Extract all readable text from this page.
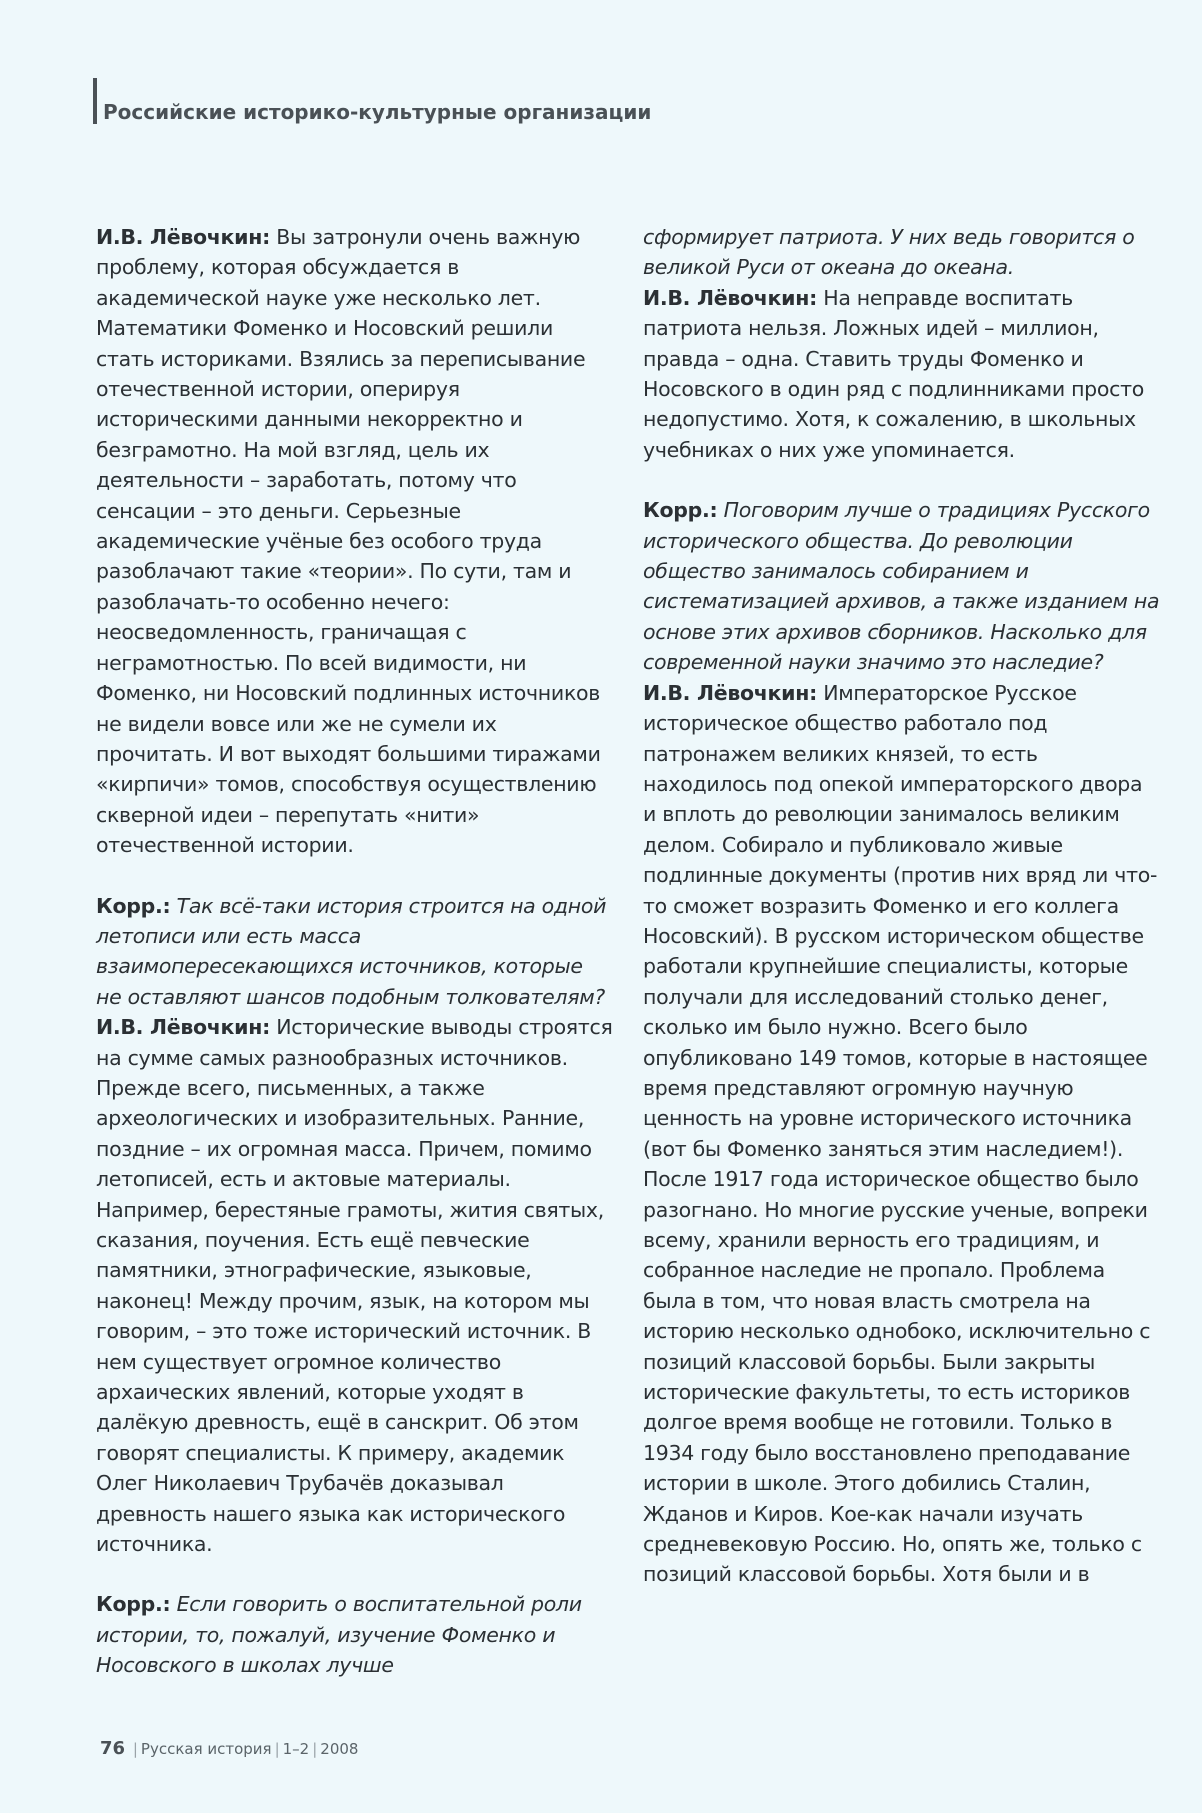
Российские историко-культурные организации

И.В. Лёвочкин: Вы затронули очень важную проблему, которая обсуждается в академической науке уже несколько лет. Математики Фоменко и Носовский решили стать историками. Взялись за переписывание отечественной истории, оперируя историческими данными некорректно и безграмотно. На мой взгляд, цель их деятельности – заработать, потому что сенсации – это деньги. Серьезные академические учёные без особого труда разоблачают такие «теории». По сути, там и разоблачать-то особенно нечего: неосведомленность, граничащая с неграмотностью. По всей видимости, ни Фоменко, ни Носовский подлинных источников не видели вовсе или же не сумели их прочитать. И вот выходят большими тиражами «кирпичи» томов, способствуя осуществлению скверной идеи – перепутать «нити» отечественной истории.

Корр.: Так всё-таки история строится на одной летописи или есть масса взаимопересекающихся источников, которые не оставляют шансов подобным толкователям?

И.В. Лёвочкин: Исторические выводы строятся на сумме самых разнообразных источников. Прежде всего, письменных, а также археологических и изобразительных. Ранние, поздние – их огромная масса. Причем, помимо летописей, есть и актовые материалы. Например, берестяные грамоты, жития святых, сказания, поучения. Есть ещё певческие памятники, этнографические, языковые, наконец! Между прочим, язык, на котором мы говорим, – это тоже исторический источник. В нем существует огромное количество архаических явлений, которые уходят в далёкую древность, ещё в санскрит. Об этом говорят специалисты. К примеру, академик Олег Николаевич Трубачёв доказывал древность нашего языка как исторического источника.

Корр.: Если говорить о воспитательной роли истории, то, пожалуй, изучение Фоменко и Носовского в школах лучше

сформирует патриота. У них ведь говорится о великой Руси от океана до океана.

И.В. Лёвочкин: На неправде воспитать патриота нельзя. Ложных идей – миллион, правда – одна. Ставить труды Фоменко и Носовского в один ряд с подлинниками просто недопустимо. Хотя, к сожалению, в школьных учебниках о них уже упоминается.

Корр.: Поговорим лучше о традициях Русского исторического общества. До революции общество занималось собиранием и систематизацией архивов, а также изданием на основе этих архивов сборников. Насколько для современной науки значимо это наследие?

И.В. Лёвочкин: Императорское Русское историческое общество работало под патронажем великих князей, то есть находилось под опекой императорского двора и вплоть до революции занималось великим делом. Собирало и публиковало живые подлинные документы (против них вряд ли что-то сможет возразить Фоменко и его коллега Носовский). В русском историческом обществе работали крупнейшие специалисты, которые получали для исследований столько денег, сколько им было нужно. Всего было опубликовано 149 томов, которые в настоящее время представляют огромную научную ценность на уровне исторического источника (вот бы Фоменко заняться этим наследием!). После 1917 года историческое общество было разогнано. Но многие русские ученые, вопреки всему, хранили верность его традициям, и собранное наследие не пропало. Проблема была в том, что новая власть смотрела на историю несколько однобоко, исключительно с позиций классовой борьбы. Были закрыты исторические факультеты, то есть историков долгое время вообще не готовили. Только в 1934 году было восстановлено преподавание истории в школе. Этого добились Сталин, Жданов и Киров. Кое-как начали изучать средневековую Россию. Но, опять же, только с позиций классовой борьбы. Хотя были и в

76 | Русская история | 1–2 | 2008
